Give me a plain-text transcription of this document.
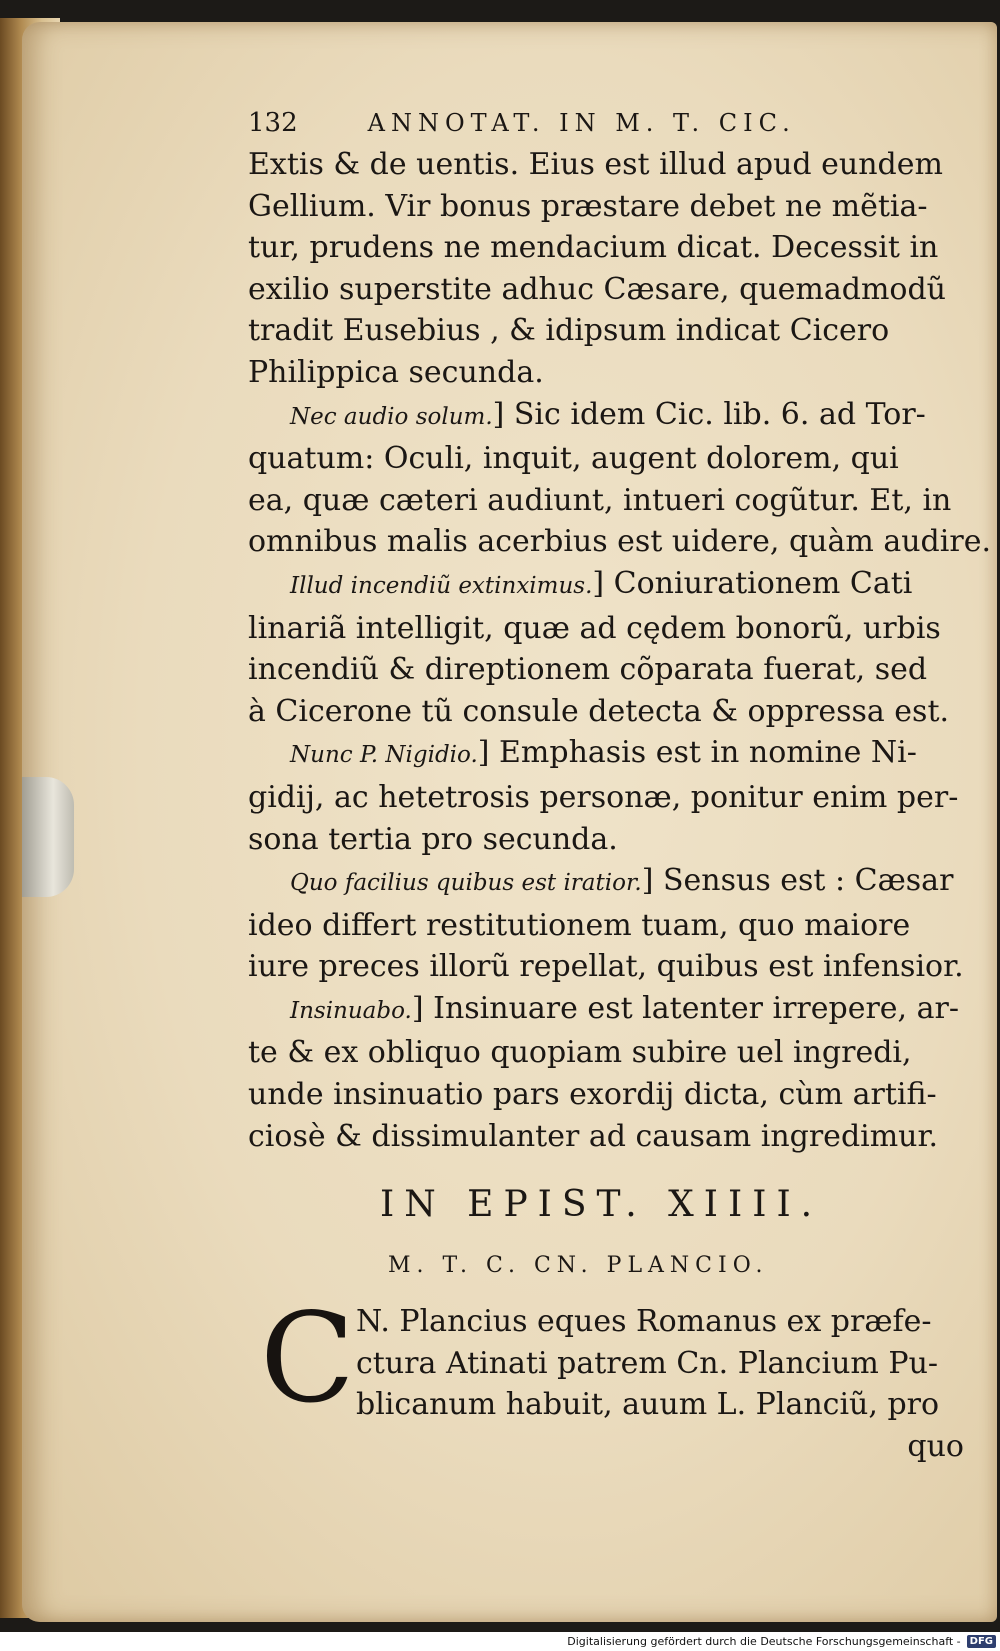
132	ANNOTAT. IN M. T. CIC.
Extis & de uentis. Eius est illud apud eundem
Gellium. Vir bonus præstare debet ne mẽtia-
tur, prudens ne mendacium dicat. Decessit in
exilio superstite adhuc Cæsare, quemadmodũ
tradit Eusebius , & idipsum indicat Cicero
Philippica secunda.
Nec audio solum.] Sic idem Cic. lib. 6. ad Tor-
quatum: Oculi, inquit, augent dolorem, qui
ea, quæ cæteri audiunt, intueri cogũtur. Et, in
omnibus malis acerbius est uidere, quàm audire.
Illud incendiũ extinximus.] Coniurationem Cati
linariã intelligit, quæ ad cędem bonorũ, urbis
incendiũ & direptionem cõparata fuerat, sed
à Cicerone tũ consule detecta & oppressa est.
Nunc P. Nigidio.] Emphasis est in nomine Ni-
gidij, ac hetetrosis personæ, ponitur enim per-
sona tertia pro secunda.
Quo facilius quibus est iratior.] Sensus est : Cæsar
ideo differt restitutionem tuam, quo maiore
iure preces illorũ repellat, quibus est infensior.
Insinuabo.] Insinuare est latenter irrepere, ar-
te & ex obliquo quopiam subire uel ingredi,
unde insinuatio pars exordij dicta, cùm artifi-
ciosè & dissimulanter ad causam ingredimur.
IN EPIST. XIIII.
M. T. C. CN. PLANCIO.
C N. Plancius eques Romanus ex præfe-
ctura Atinati patrem Cn. Plancium Pu-
blicanum habuit, auum L. Planciũ, pro
quo
Digitalisierung gefördert durch die Deutsche Forschungsgemeinschaft - DFG
